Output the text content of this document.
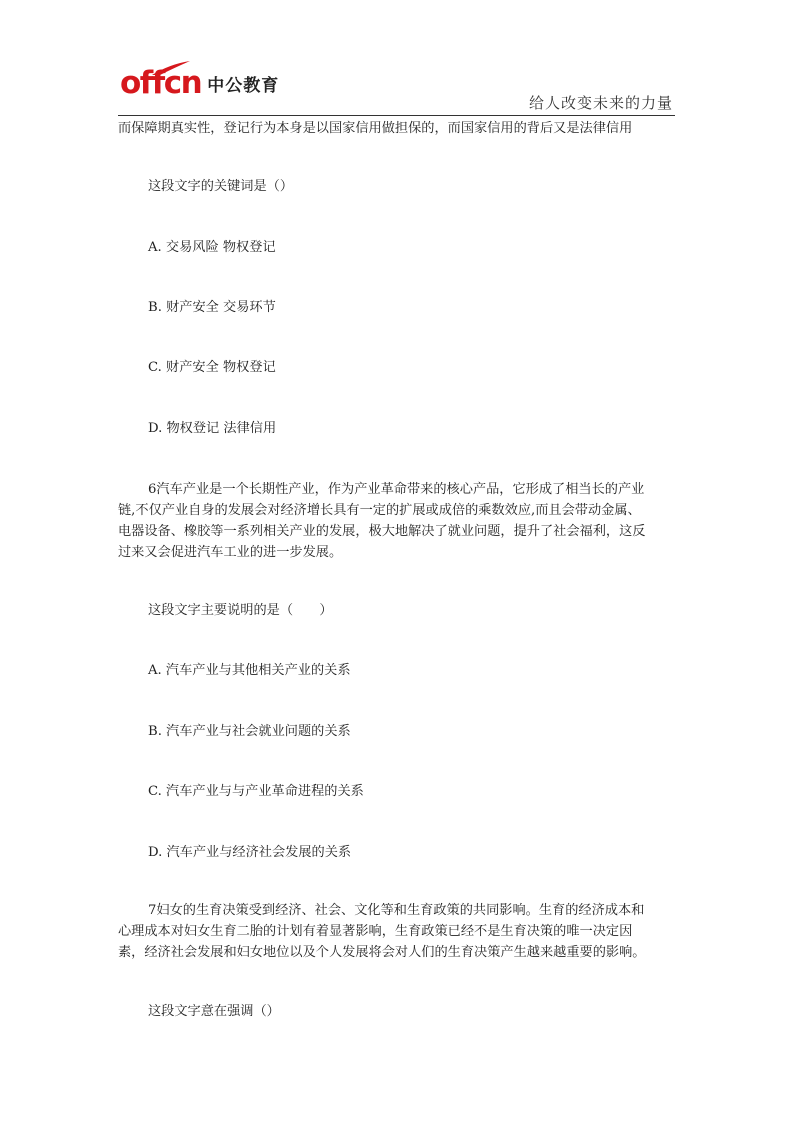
offcn 中公教育
给人改变未来的力量
而保障期真实性，登记行为本身是以国家信用做担保的，而国家信用的背后又是法律信用
这段文字的关键词是（）
A. 交易风险 物权登记
B. 财产安全 交易环节
C. 财产安全 物权登记
D. 物权登记 法律信用
6汽车产业是一个长期性产业，作为产业革命带来的核心产品，它形成了相当长的产业
链,不仅产业自身的发展会对经济增长具有一定的扩展或成倍的乘数效应,而且会带动金属、
电器设备、橡胶等一系列相关产业的发展，极大地解决了就业问题，提升了社会福利，这反
过来又会促进汽车工业的进一步发展。
这段文字主要说明的是（　　）
A. 汽车产业与其他相关产业的关系
B. 汽车产业与社会就业问题的关系
C. 汽车产业与与产业革命进程的关系
D. 汽车产业与经济社会发展的关系
7妇女的生育决策受到经济、社会、文化等和生育政策的共同影响。生育的经济成本和
心理成本对妇女生育二胎的计划有着显著影响，生育政策已经不是生育决策的唯一决定因
素，经济社会发展和妇女地位以及个人发展将会对人们的生育决策产生越来越重要的影响。
这段文字意在强调（）
